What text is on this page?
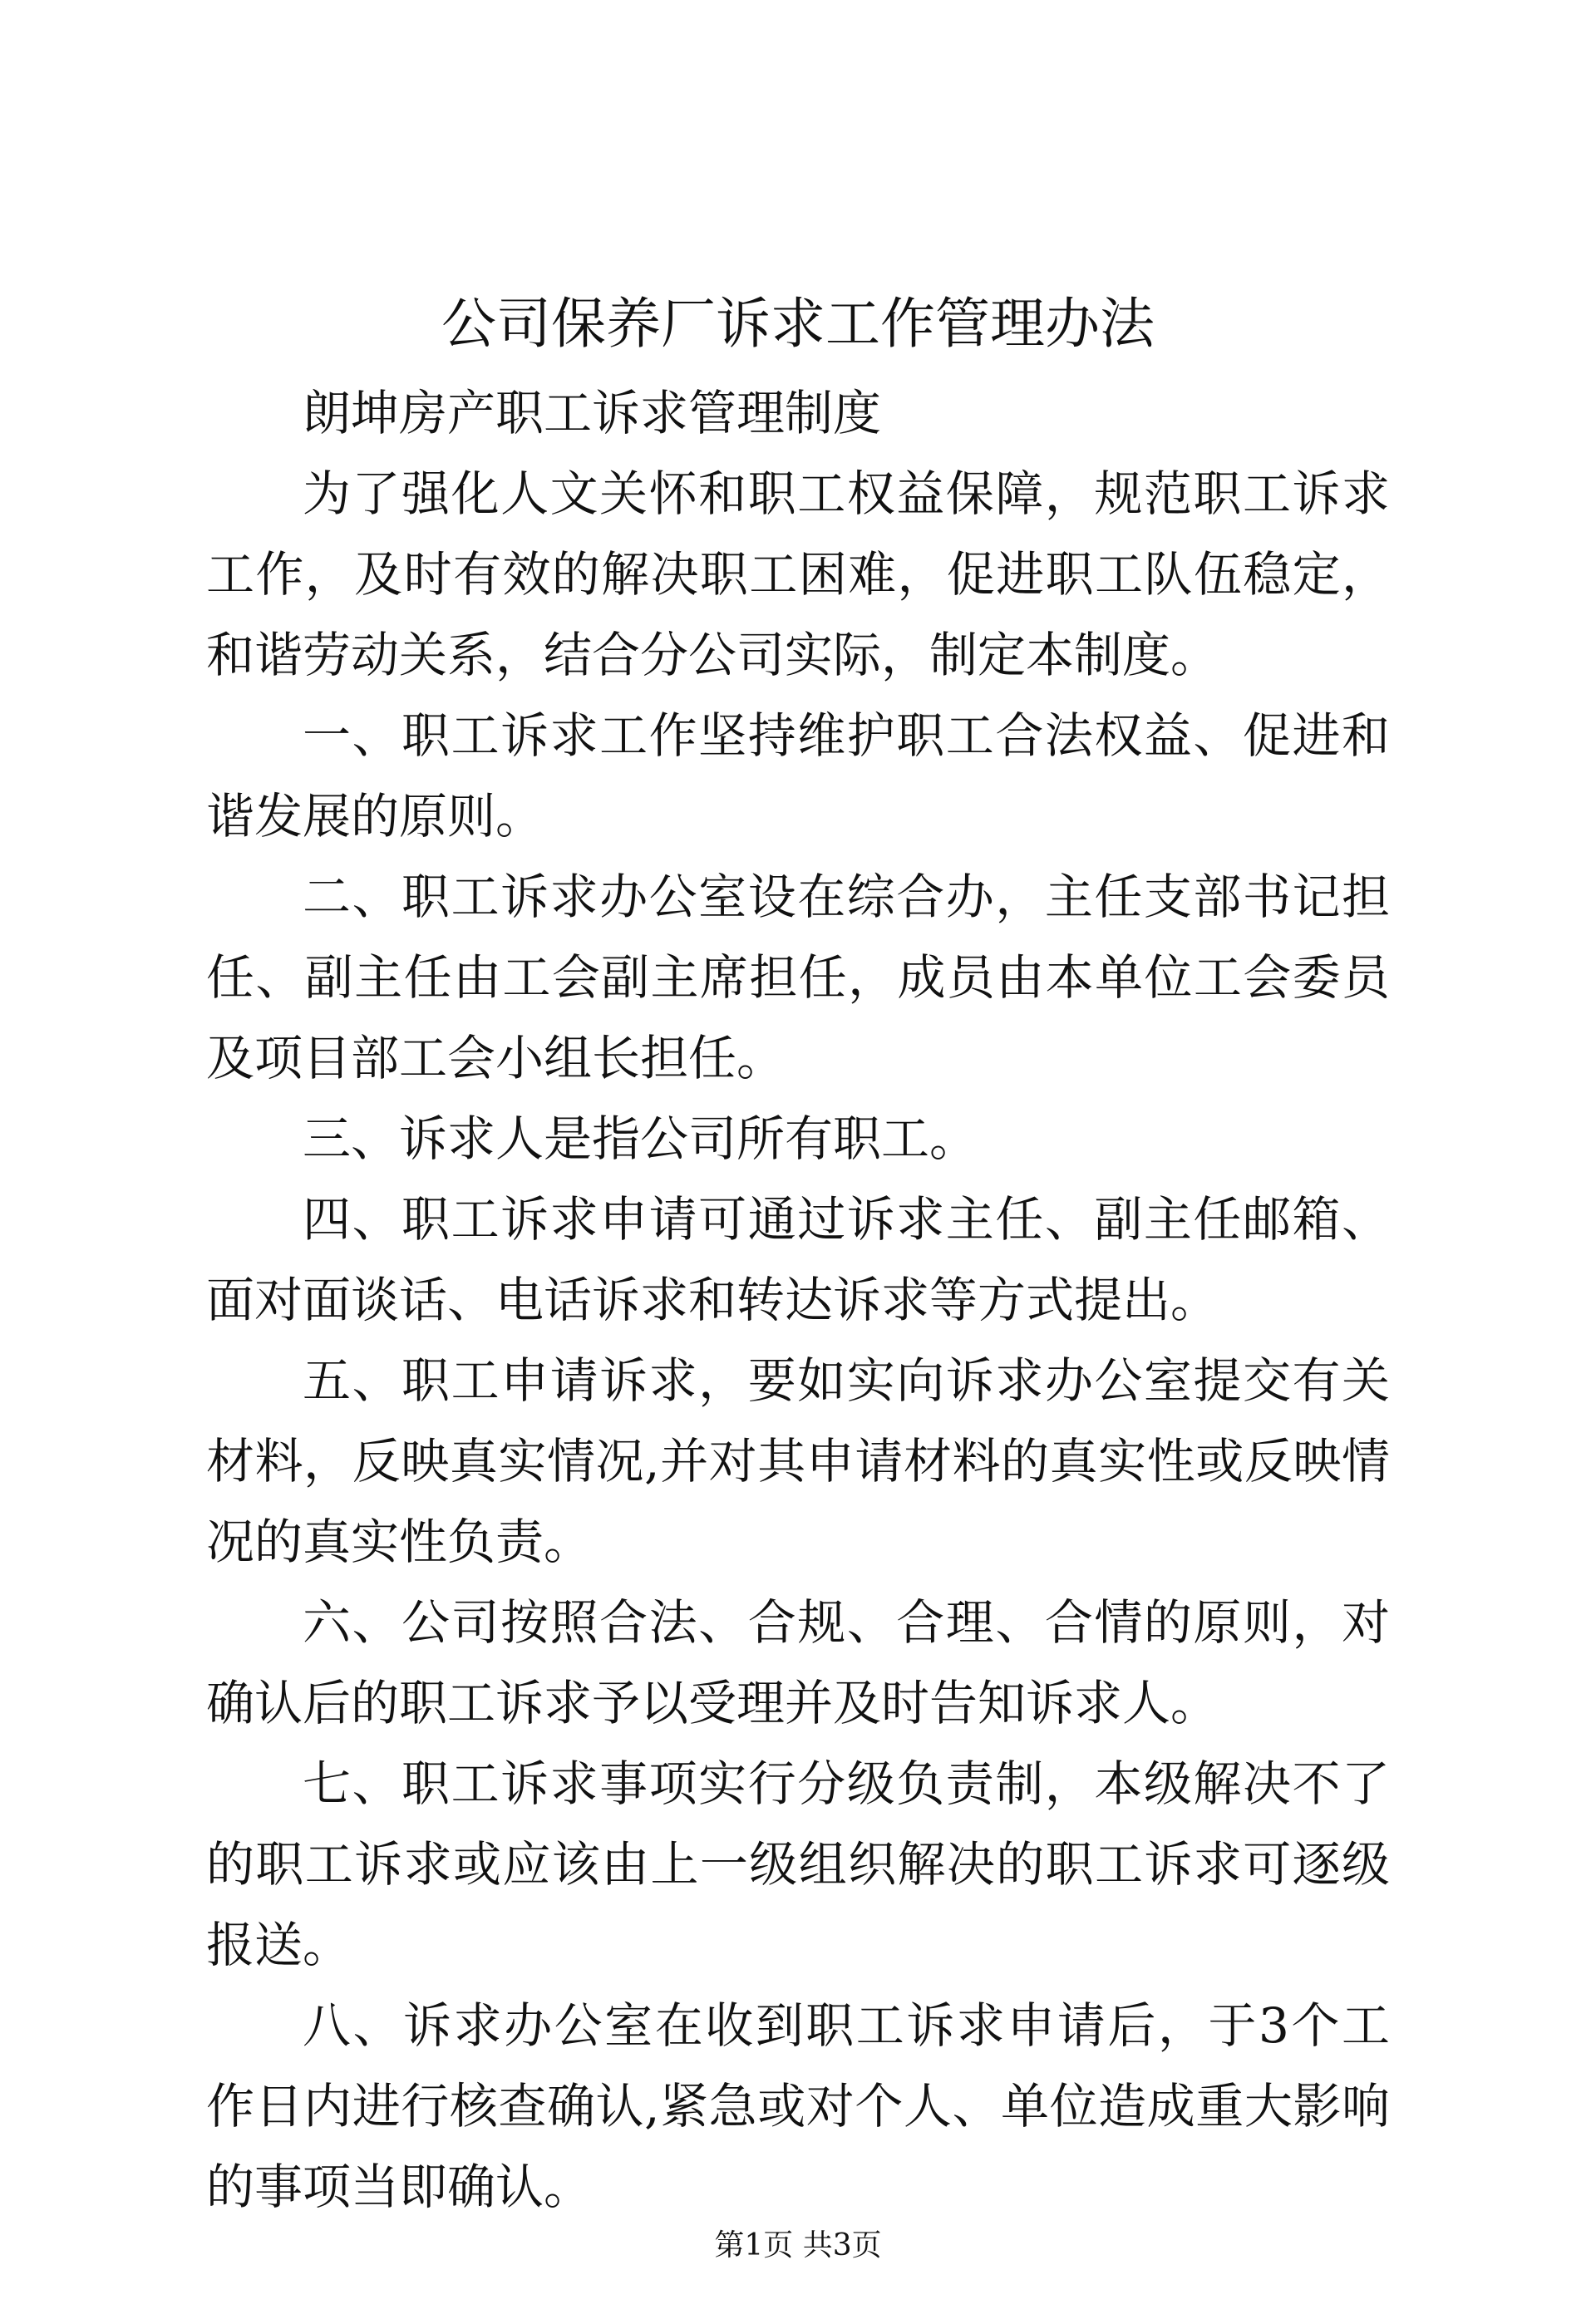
公司保养厂诉求工作管理办法

朗坤房产职工诉求管理制度

为了强化人文关怀和职工权益保障，规范职工诉求工作，及时有效的解决职工困难，促进职工队伍稳定，和谐劳动关系，结合分公司实际，制定本制度。

一、职工诉求工作坚持维护职工合法权益、促进和谐发展的原则。

二、职工诉求办公室设在综合办，主任支部书记担任、副主任由工会副主席担任，成员由本单位工会委员及项目部工会小组长担任。

三、诉求人是指公司所有职工。

四、职工诉求申请可通过诉求主任、副主任邮箱、面对面谈话、电话诉求和转达诉求等方式提出。

五、职工申请诉求，要如实向诉求办公室提交有关材料，反映真实情况,并对其申请材料的真实性或反映情况的真实性负责。

六、公司按照合法、合规、合理、合情的原则，对确认后的职工诉求予以受理并及时告知诉求人。

七、职工诉求事项实行分级负责制，本级解决不了的职工诉求或应该由上一级组织解决的职工诉求可逐级报送。

八、诉求办公室在收到职工诉求申请后，于3个工作日内进行核查确认,紧急或对个人、单位造成重大影响的事项当即确认。

第1页 共3页
